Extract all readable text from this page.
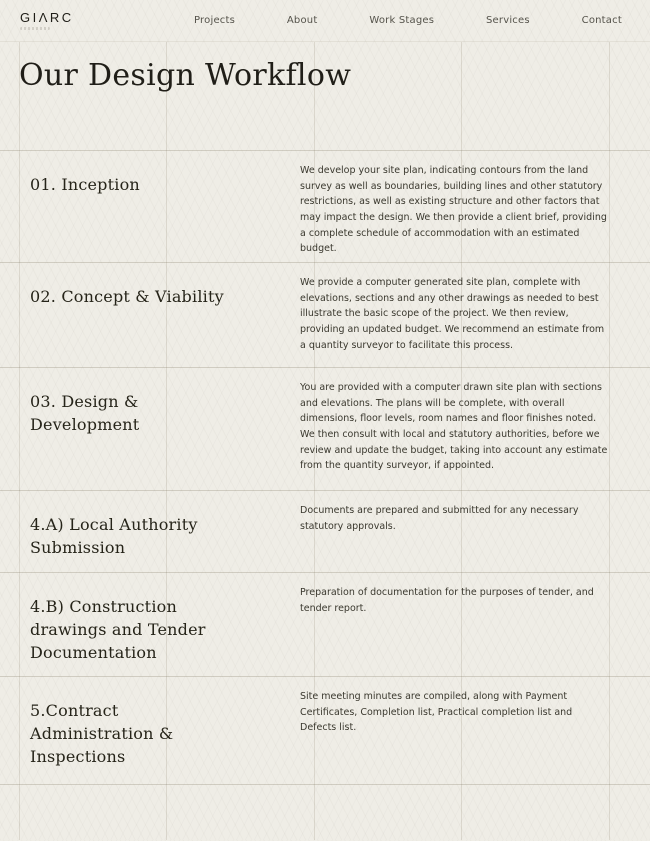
GIΛRC	Projects	About	Work Stages	Services	Contact
Our Design Workflow
01. Inception

We develop your site plan, indicating contours from the land survey as well as boundaries, building lines and other statutory restrictions, as well as existing structure and other factors that may impact the design. We then provide a client brief, providing a complete schedule of accommodation with an estimated budget.

02. Concept & Viability

We provide a computer generated site plan, complete with elevations, sections and any other drawings as needed to best illustrate the basic scope of the project. We then review, providing an updated budget. We recommend an estimate from a quantity surveyor to facilitate this process.

03. Design & Development

You are provided with a computer drawn site plan with sections and elevations. The plans will be complete, with overall dimensions, floor levels, room names and floor finishes noted. We then consult with local and statutory authorities, before we review and update the budget, taking into account any estimate from the quantity surveyor, if appointed.

4.A) Local Authority Submission

Documents are prepared and submitted for any necessary statutory approvals.

4.B) Construction drawings and Tender Documentation

Preparation of documentation for the purposes of tender, and tender report.

5.Contract Administration & Inspections

Site meeting minutes are compiled, along with Payment Certificates, Completion list, Practical completion list and Defects list.
